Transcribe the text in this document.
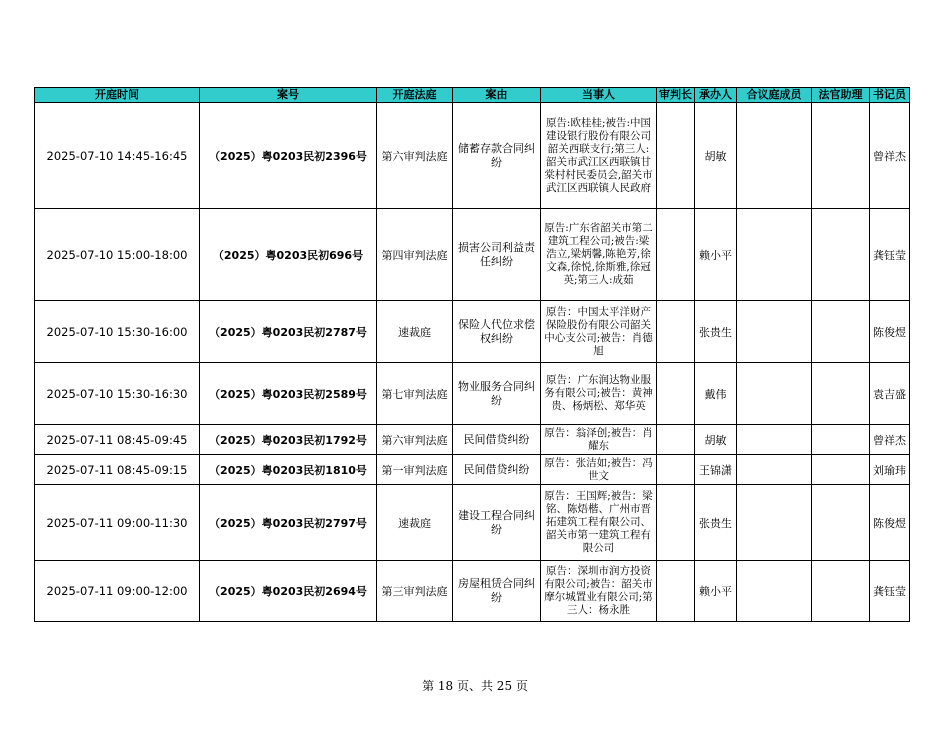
开庭时间	案号	开庭法庭	案由	当事人	审判长	承办人	合议庭成员	法官助理	书记员
2025-07-10 14:45-16:45	（2025）粤0203民初2396号	第六审判法庭	储蓄存款合同纠纷	原告:欧桂桂;被告:中国建设银行股份有限公司韶关西联支行;第三人:韶关市武江区西联镇甘棠村村民委员会,韶关市武江区西联镇人民政府		胡敏			曾祥杰
2025-07-10 15:00-18:00	（2025）粤0203民初696号	第四审判法庭	损害公司利益责任纠纷	原告:广东省韶关市第二建筑工程公司;被告:梁浩立,梁炳馨,陈艳芳,徐文森,徐悦,徐斯雅,徐冠英;第三人:成茹		赖小平			龚钰莹
2025-07-10 15:30-16:00	（2025）粤0203民初2787号	速裁庭	保险人代位求偿权纠纷	原告：中国太平洋财产保险股份有限公司韶关中心支公司;被告：肖德旭		张贵生			陈俊煜
2025-07-10 15:30-16:30	（2025）粤0203民初2589号	第七审判法庭	物业服务合同纠纷	原告：广东润达物业服务有限公司;被告：黄神贵、杨炳松、郑华英		戴伟			袁吉盛
2025-07-11 08:45-09:45	（2025）粤0203民初1792号	第六审判法庭	民间借贷纠纷	原告：翁泽创;被告：肖耀东		胡敏			曾祥杰
2025-07-11 08:45-09:15	（2025）粤0203民初1810号	第一审判法庭	民间借贷纠纷	原告：张洁如;被告：冯世文		王锦潇			刘瑜玮
2025-07-11 09:00-11:30	（2025）粤0203民初2797号	速裁庭	建设工程合同纠纷	原告：王国辉;被告：梁铭、陈焐楷、广州市晋拓建筑工程有限公司、韶关市第一建筑工程有限公司		张贵生			陈俊煜
2025-07-11 09:00-12:00	（2025）粤0203民初2694号	第三审判法庭	房屋租赁合同纠纷	原告：深圳市润方投资有限公司;被告：韶关市摩尔城置业有限公司;第三人：杨永胜		赖小平			龚钰莹
第 18 页、共 25 页
